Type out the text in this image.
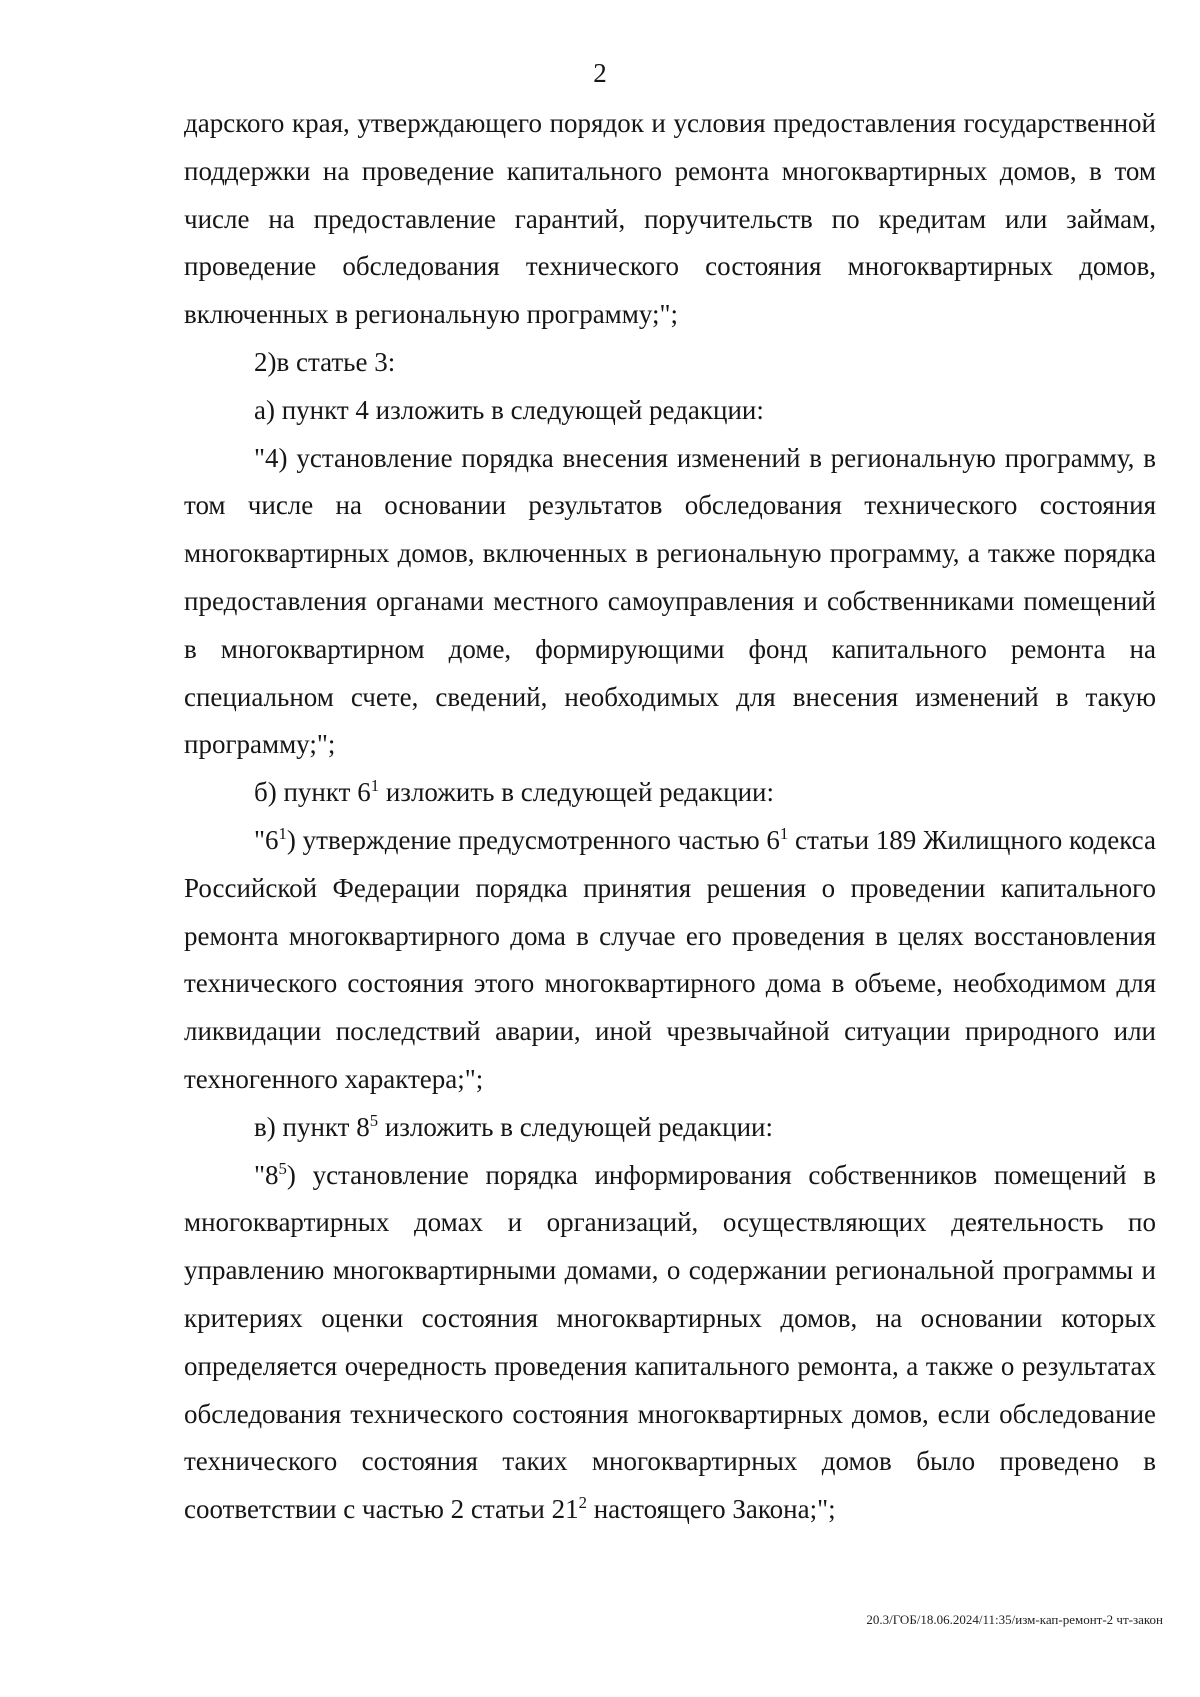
2

дарского края, утверждающего порядок и условия предоставления государственной поддержки на проведение капитального ремонта многоквартирных домов, в том числе на предоставление гарантий, поручительств по кредитам или займам, проведение обследования технического состояния многоквартирных домов, включенных в региональную программу;";

2)в статье 3:

а) пункт 4 изложить в следующей редакции:

"4) установление порядка внесения изменений в региональную программу, в том числе на основании результатов обследования технического состояния многоквартирных домов, включенных в региональную программу, а также порядка предоставления органами местного самоуправления и собственниками помещений в многоквартирном доме, формирующими фонд капитального ремонта на специальном счете, сведений, необходимых для внесения изменений в такую программу;";

б) пункт $6^1$ изложить в следующей редакции:

"$6^1$) утверждение предусмотренного частью $6^1$ статьи 189 Жилищного кодекса Российской Федерации порядка принятия решения о проведении капитального ремонта многоквартирного дома в случае его проведения в целях восстановления технического состояния этого многоквартирного дома в объеме, необходимом для ликвидации последствий аварии, иной чрезвычайной ситуации природного или техногенного характера;";

в) пункт $8^5$ изложить в следующей редакции:

"$8^5$) установление порядка информирования собственников помещений в многоквартирных домах и организаций, осуществляющих деятельность по управлению многоквартирными домами, о содержании региональной программы и критериях оценки состояния многоквартирных домов, на основании которых определяется очередность проведения капитального ремонта, а также о результатах обследования технического состояния многоквартирных домов, если обследование технического состояния таких многоквартирных домов было проведено в соответствии с частью 2 статьи $21^2$ настоящего Закона;";

20.3/ГОБ/18.06.2024/11:35/изм-кап-ремонт-2 чт-закон
